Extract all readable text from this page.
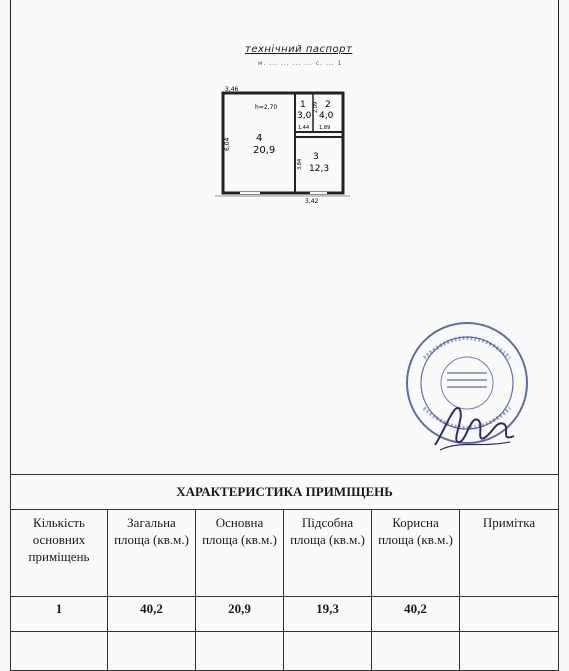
технічний паспорт
м. ... ... ... ... с. ... 1
3,46
h=2,70
6,04
3,42
4
20,9
1
3,0
1,44
2
4,0
1,89
2,09
3
12,3
3,84
ХАРАКТЕРИСТИКА ПРИМІЩЕНЬ					
Кількість основних приміщень	Загальна площа (кв.м.)	Основна площа (кв.м.)	Підсобна площа (кв.м.)	Корисна площа (кв.м.)	Примітка
1	40,2	20,9	19,3	40,2	
